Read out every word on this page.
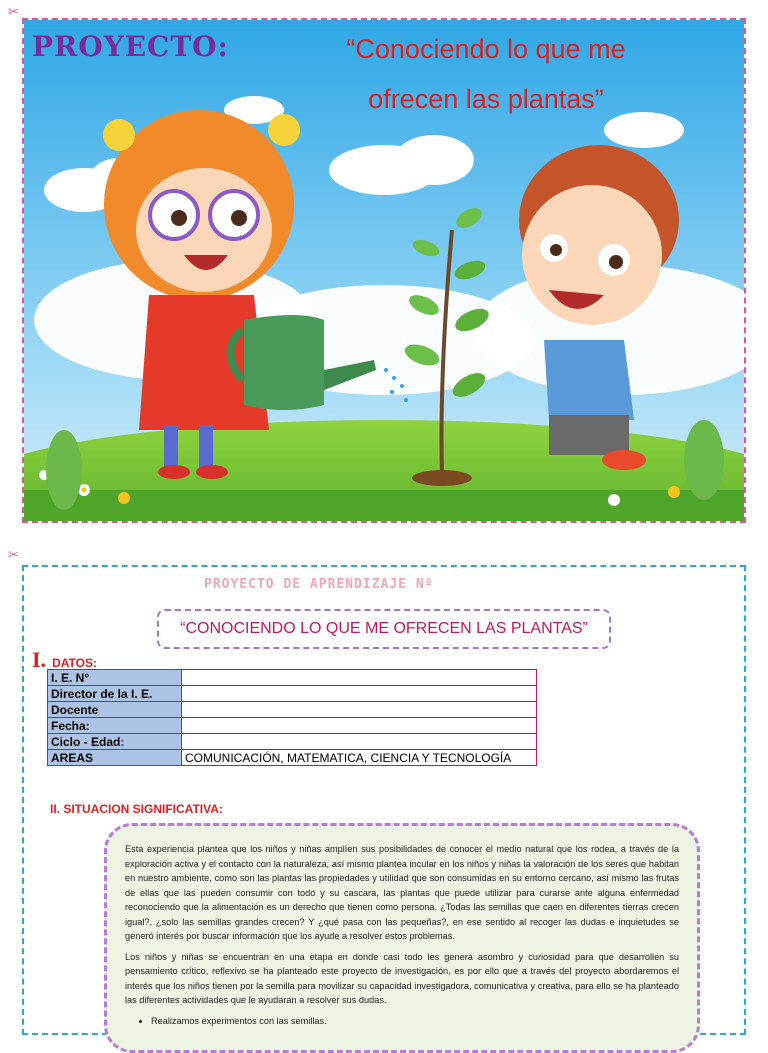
✂
PROYECTO:	“Conociendo lo que me
ofrecen las plantas”
✂
PROYECTO DE APRENDIZAJE Nº
“CONOCIENDO LO QUE ME OFRECEN LAS PLANTAS”
I. DATOS:
I. E. N°	
Director de la I. E.	
Docente	
Fecha:	
Ciclo - Edad:	
AREAS	COMUNICACIÓN, MATEMATICA, CIENCIA Y TECNOLOGÍA
II. SITUACION SIGNIFICATIVA:

Esta experiencia plantea que los niños y niñas amplíen sus posibilidades de conocer el medio natural que los rodea, a través de la exploración activa y el contacto con la naturaleza, así mismo plantea incular en los niños y niñas la valoración de los seres que habitan en nuestro ambiente, como son las plantas las propiedades y utilidad que son consumidas en su entorno cercano, así mismo las frutas de ellas que las pueden consumir con todo y su cascara, las plantas que puede utilizar para curarse ante alguna enfermedad reconociendo que la alimentación es un derecho que tienen como persona. ¿Todas las semillas que caen en diferentes tierras crecen igual?, ¿solo las semillas grandes crecen? Y ¿qué pasa con las pequeñas?, en ese sentido al recoger las dudas e inquietudes se generó interés por buscar información que los ayude a resolver estos problemas.

Los niños y niñas se encuentran en una etapa en donde casi todo les genera asombro y curiosidad para que desarrollen su pensamiento crítico, reflexivo se ha planteado este proyecto de investigación, es por ello que a través del proyecto abordaremos el interés que los niños tienen por la semilla para movilizar su capacidad investigadora, comunicativa y creativa, para ello se ha planteado las diferentes actividades que le ayudaran a resolver sus dudas.

• Realizamos experimentos con las semillas.
